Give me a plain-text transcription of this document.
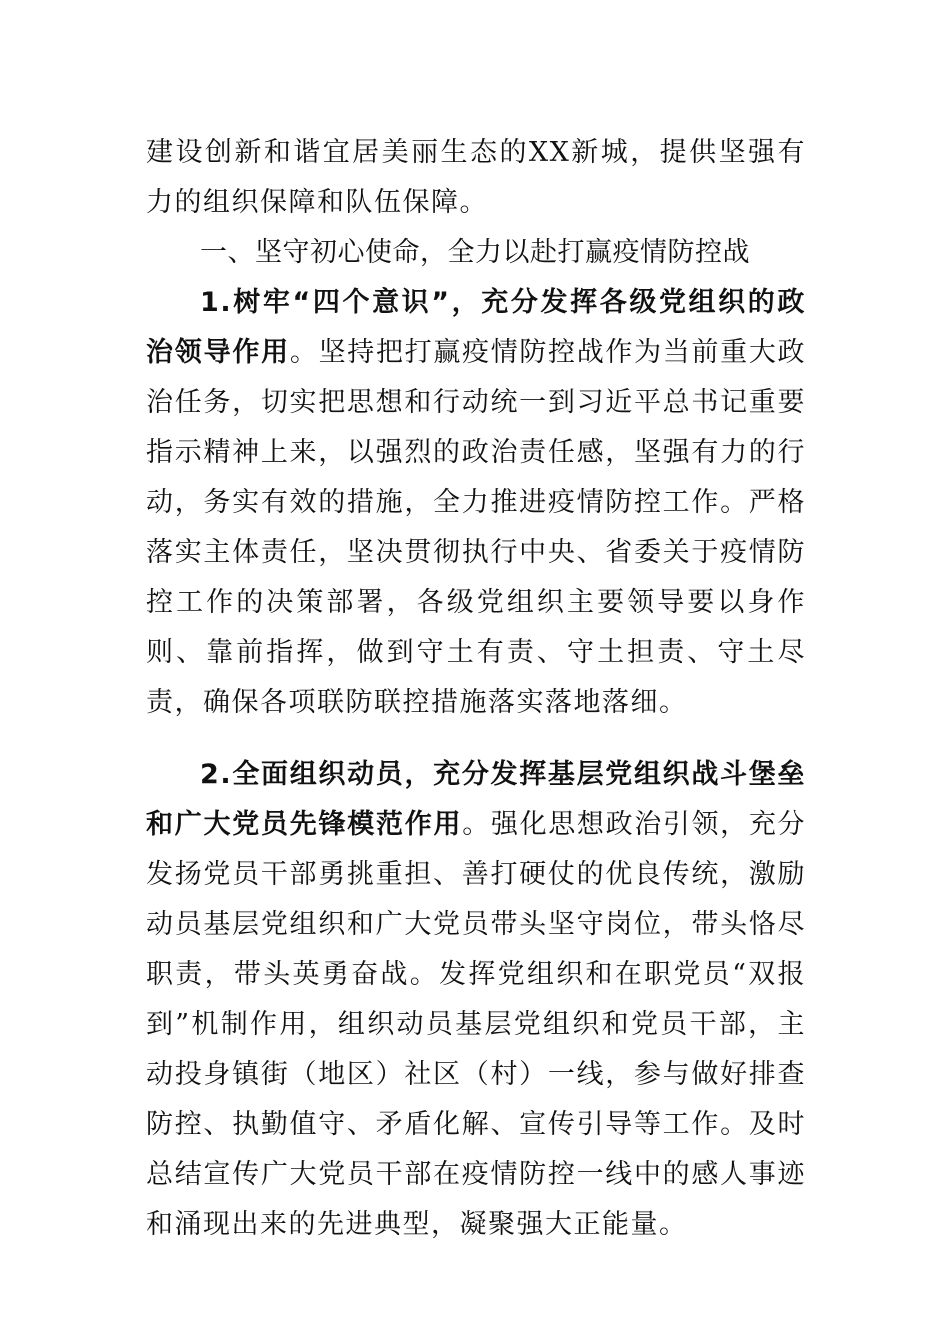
建设创新和谐宜居美丽生态的XX新城，提供坚强有力的组织保障和队伍保障。

一、坚守初心使命，全力以赴打赢疫情防控战

1.树牢“四个意识”，充分发挥各级党组织的政治领导作用。坚持把打赢疫情防控战作为当前重大政治任务，切实把思想和行动统一到习近平总书记重要指示精神上来，以强烈的政治责任感，坚强有力的行动，务实有效的措施，全力推进疫情防控工作。严格落实主体责任，坚决贯彻执行中央、省委关于疫情防控工作的决策部署，各级党组织主要领导要以身作则、靠前指挥，做到守土有责、守土担责、守土尽责，确保各项联防联控措施落实落地落细。

2.全面组织动员，充分发挥基层党组织战斗堡垒和广大党员先锋模范作用。强化思想政治引领，充分发扬党员干部勇挑重担、善打硬仗的优良传统，激励动员基层党组织和广大党员带头坚守岗位，带头恪尽职责，带头英勇奋战。发挥党组织和在职党员“双报到”机制作用，组织动员基层党组织和党员干部，主动投身镇街（地区）社区（村）一线，参与做好排查防控、执勤值守、矛盾化解、宣传引导等工作。及时总结宣传广大党员干部在疫情防控一线中的感人事迹和涌现出来的先进典型，凝聚强大正能量。
